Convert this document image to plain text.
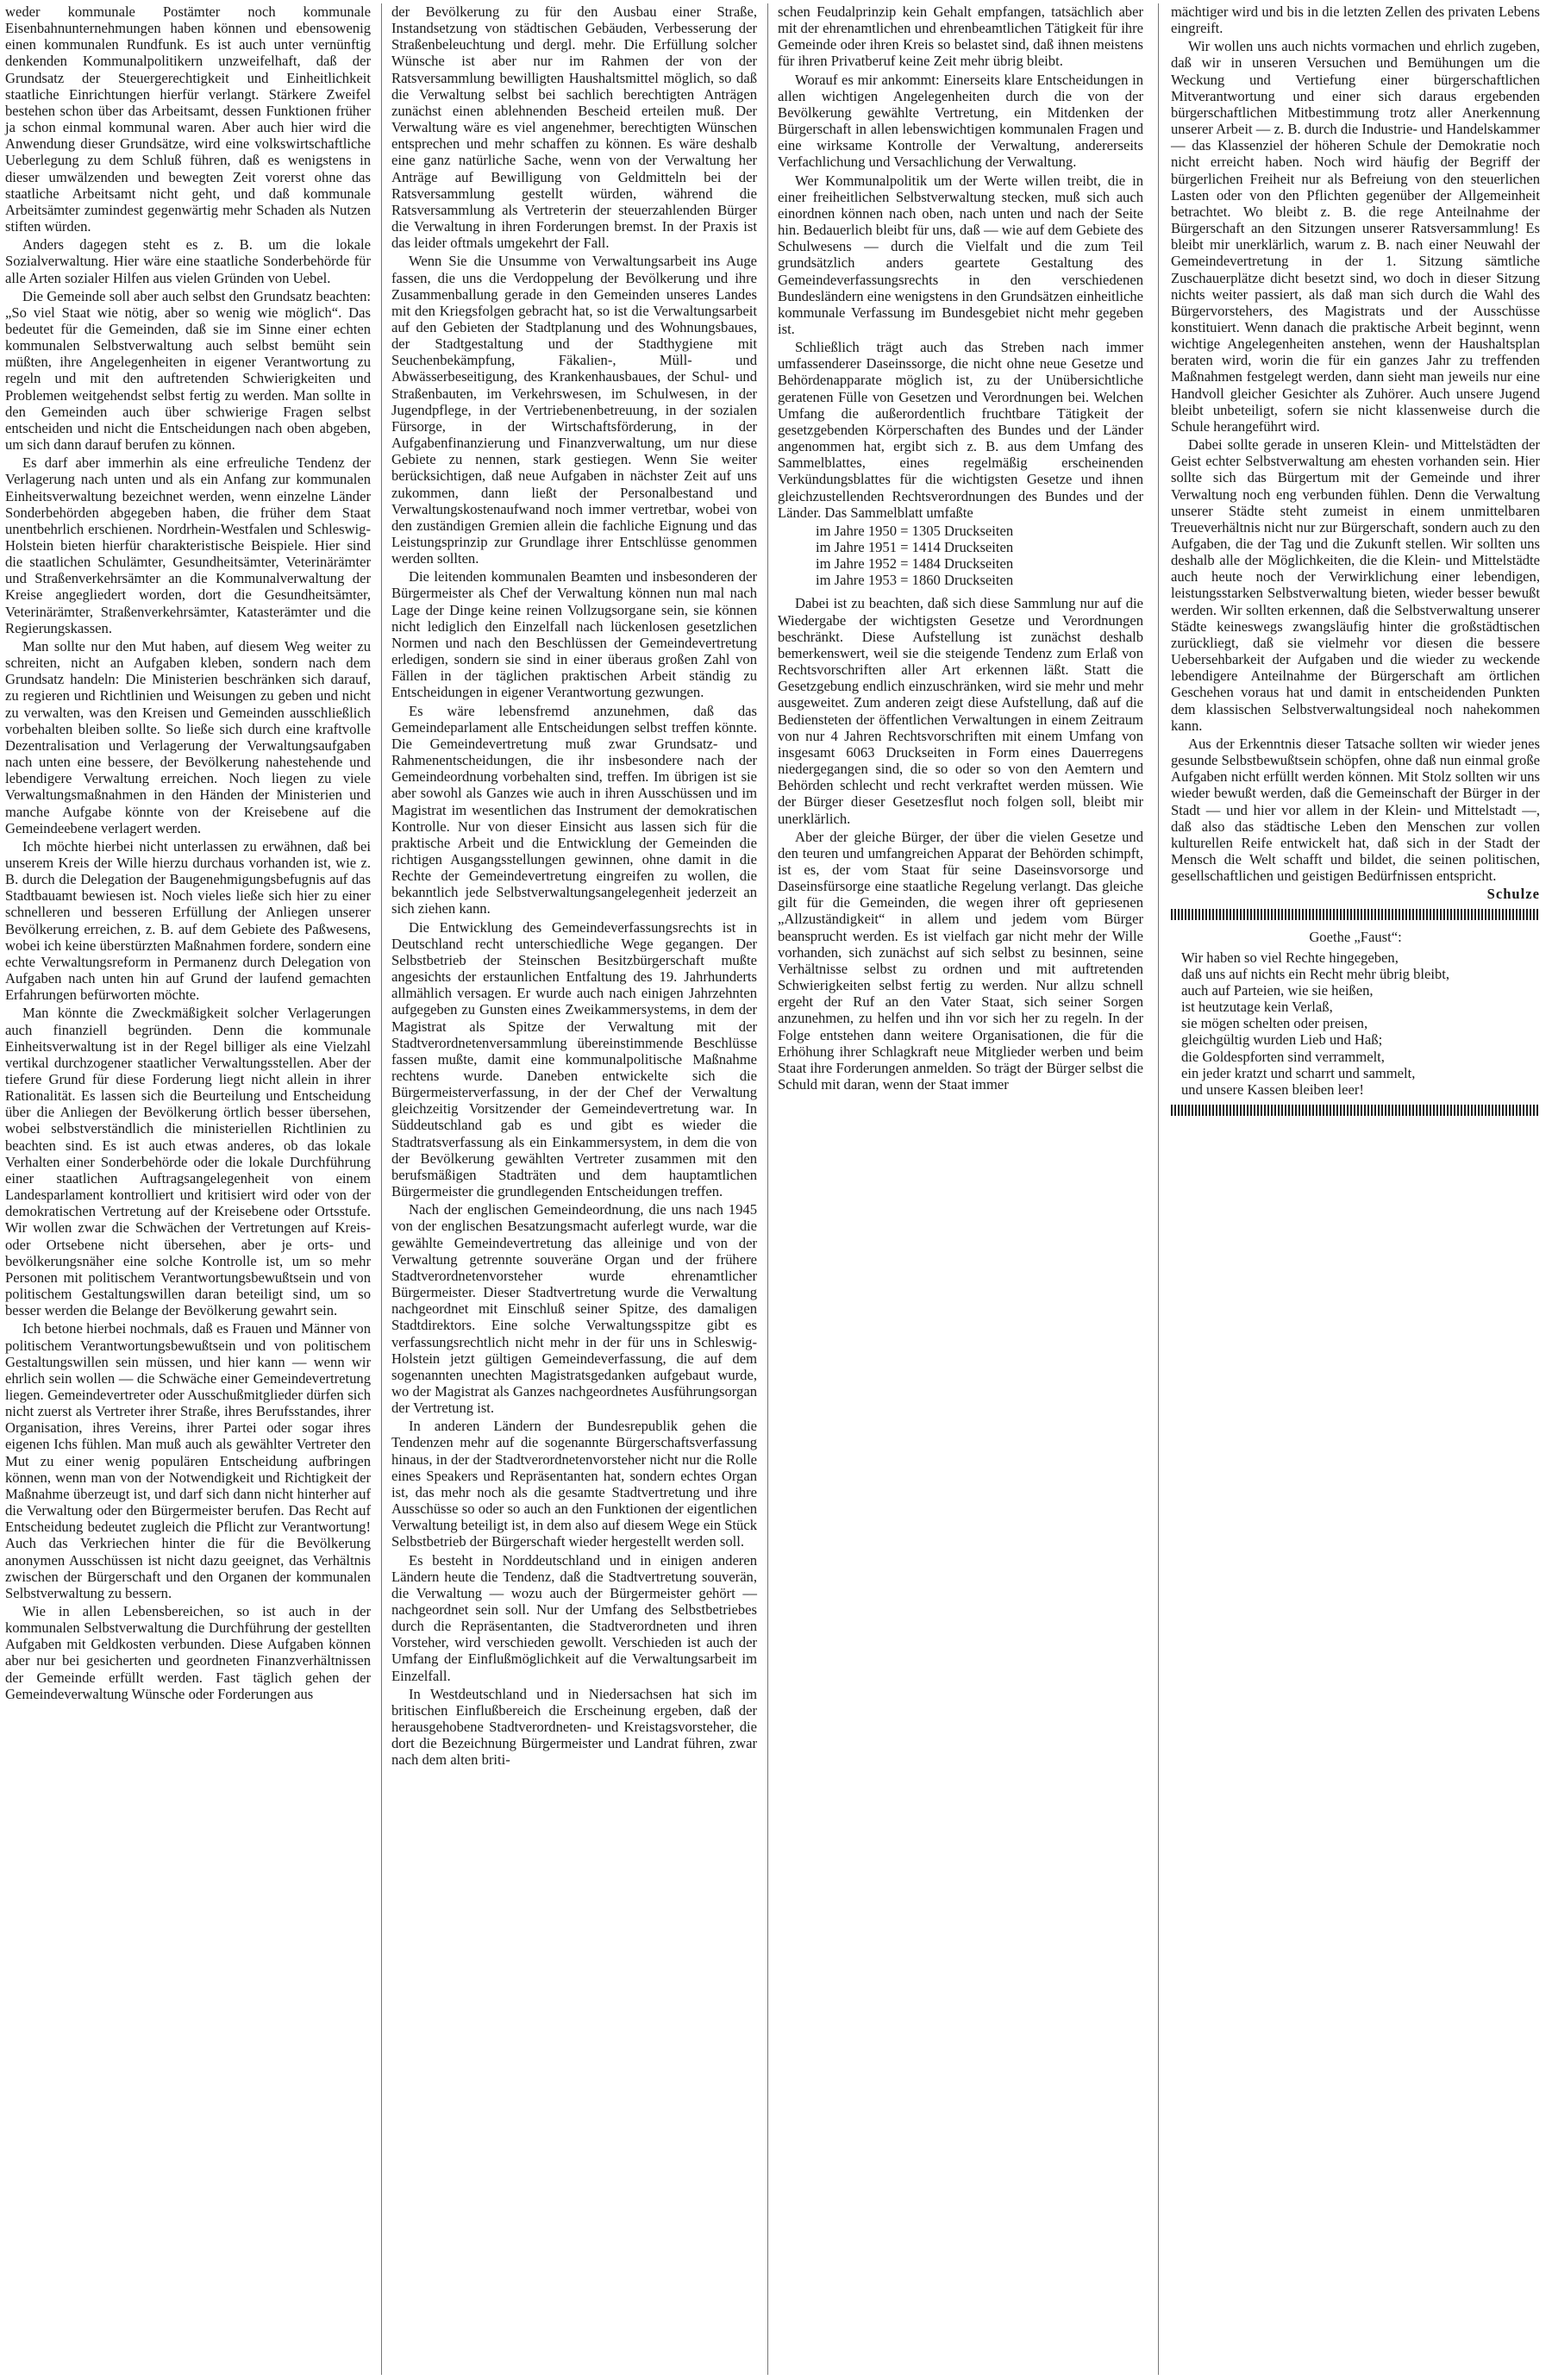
weder kommunale Postämter noch kommunale Eisenbahnunternehmungen haben können und ebensowenig einen kommunalen Rundfunk. Es ist auch unter vernünftig denkenden Kommunalpolitikern unzweifelhaft, daß der Grundsatz der Steuergerechtigkeit und Einheitlichkeit staatliche Einrichtungen hierfür verlangt. Stärkere Zweifel bestehen schon über das Arbeitsamt, dessen Funktionen früher ja schon einmal kommunal waren. Aber auch hier wird die Anwendung dieser Grundsätze, wird eine volkswirtschaftliche Ueberlegung zu dem Schluß führen, daß es wenigstens in dieser umwälzenden und bewegten Zeit vorerst ohne das staatliche Arbeitsamt nicht geht, und daß kommunale Arbeitsämter zumindest gegenwärtig mehr Schaden als Nutzen stiften würden.

Anders dagegen steht es z. B. um die lokale Sozialverwaltung. Hier wäre eine staatliche Sonderbehörde für alle Arten sozialer Hilfen aus vielen Gründen von Uebel.

Die Gemeinde soll aber auch selbst den Grundsatz beachten: „So viel Staat wie nötig, aber so wenig wie möglich“. Das bedeutet für die Gemeinden, daß sie im Sinne einer echten kommunalen Selbstverwaltung auch selbst bemüht sein müßten, ihre Angelegenheiten in eigener Verantwortung zu regeln und mit den auftretenden Schwierigkeiten und Problemen weitgehendst selbst fertig zu werden. Man sollte in den Gemeinden auch über schwierige Fragen selbst entscheiden und nicht die Entscheidungen nach oben abgeben, um sich dann darauf berufen zu können.

Es darf aber immerhin als eine erfreuliche Tendenz der Verlagerung nach unten und als ein Anfang zur kommunalen Einheitsverwaltung bezeichnet werden, wenn einzelne Länder Sonderbehörden abgegeben haben, die früher dem Staat unentbehrlich erschienen. Nordrhein-Westfalen und Schleswig-Holstein bieten hierfür charakteristische Beispiele. Hier sind die staatlichen Schulämter, Gesundheitsämter, Veterinärämter und Straßenverkehrsämter an die Kommunalverwaltung der Kreise angegliedert worden, dort die Gesundheitsämter, Veterinärämter, Straßenverkehrsämter, Katasterämter und die Regierungskassen.

Man sollte nur den Mut haben, auf diesem Weg weiter zu schreiten, nicht an Aufgaben kleben, sondern nach dem Grundsatz handeln: Die Ministerien beschränken sich darauf, zu regieren und Richtlinien und Weisungen zu geben und nicht zu verwalten, was den Kreisen und Gemeinden ausschließlich vorbehalten bleiben sollte. So ließe sich durch eine kraftvolle Dezentralisation und Verlagerung der Verwaltungsaufgaben nach unten eine bessere, der Bevölkerung nahestehende und lebendigere Verwaltung erreichen. Noch liegen zu viele Verwaltungsmaßnahmen in den Händen der Ministerien und manche Aufgabe könnte von der Kreisebene auf die Gemeindeebene verlagert werden.

Ich möchte hierbei nicht unterlassen zu erwähnen, daß bei unserem Kreis der Wille hierzu durchaus vorhanden ist, wie z. B. durch die Delegation der Baugenehmigungsbefugnis auf das Stadtbauamt bewiesen ist. Noch vieles ließe sich hier zu einer schnelleren und besseren Erfüllung der Anliegen unserer Bevölkerung erreichen, z. B. auf dem Gebiete des Paßwesens, wobei ich keine überstürzten Maßnahmen fordere, sondern eine echte Verwaltungsreform in Permanenz durch Delegation von Aufgaben nach unten hin auf Grund der laufend gemachten Erfahrungen befürworten möchte.

Man könnte die Zweckmäßigkeit solcher Verlagerungen auch finanziell begründen. Denn die kommunale Einheitsverwaltung ist in der Regel billiger als eine Vielzahl vertikal durchzogener staatlicher Verwaltungsstellen. Aber der tiefere Grund für diese Forderung liegt nicht allein in ihrer Rationalität. Es lassen sich die Beurteilung und Entscheidung über die Anliegen der Bevölkerung örtlich besser übersehen, wobei selbstverständlich die ministeriellen Richtlinien zu beachten sind. Es ist auch etwas anderes, ob das lokale Verhalten einer Sonderbehörde oder die lokale Durchführung einer staatlichen Auftragsangelegenheit von einem Landesparlament kontrolliert und kritisiert wird oder von der demokratischen Vertretung auf der Kreisebene oder Ortsstufe. Wir wollen zwar die Schwächen der Vertretungen auf Kreis- oder Ortsebene nicht übersehen, aber je orts- und bevölkerungsnäher eine solche Kontrolle ist, um so mehr Personen mit politischem Verantwortungsbewußtsein und von politischem Gestaltungswillen daran beteiligt sind, um so besser werden die Belange der Bevölkerung gewahrt sein.

Ich betone hierbei nochmals, daß es Frauen und Männer von politischem Verantwortungsbewußtsein und von politischem Gestaltungswillen sein müssen, und hier kann — wenn wir ehrlich sein wollen — die Schwäche einer Gemeindevertretung liegen. Gemeindevertreter oder Ausschußmitglieder dürfen sich nicht zuerst als Vertreter ihrer Straße, ihres Berufsstandes, ihrer Organisation, ihres Vereins, ihrer Partei oder sogar ihres eigenen Ichs fühlen. Man muß auch als gewählter Vertreter den Mut zu einer wenig populären Entscheidung aufbringen können, wenn man von der Notwendigkeit und Richtigkeit der Maßnahme überzeugt ist, und darf sich dann nicht hinterher auf die Verwaltung oder den Bürgermeister berufen. Das Recht auf Entscheidung bedeutet zugleich die Pflicht zur Verantwortung! Auch das Verkriechen hinter die für die Bevölkerung anonymen Ausschüssen ist nicht dazu geeignet, das Verhältnis zwischen der Bürgerschaft und den Organen der kommunalen Selbstverwaltung zu bessern.

Wie in allen Lebensbereichen, so ist auch in der kommunalen Selbstverwaltung die Durchführung der gestellten Aufgaben mit Geldkosten verbunden. Diese Aufgaben können aber nur bei gesicherten und geordneten Finanzverhältnissen der Gemeinde erfüllt werden. Fast täglich gehen der Gemeindeverwaltung Wünsche oder Forderungen aus

der Bevölkerung zu für den Ausbau einer Straße, Instandsetzung von städtischen Gebäuden, Verbesserung der Straßenbeleuchtung und dergl. mehr. Die Erfüllung solcher Wünsche ist aber nur im Rahmen der von der Ratsversammlung bewilligten Haushaltsmittel möglich, so daß die Verwaltung selbst bei sachlich berechtigten Anträgen zunächst einen ablehnenden Bescheid erteilen muß. Der Verwaltung wäre es viel angenehmer, berechtigten Wünschen entsprechen und mehr schaffen zu können. Es wäre deshalb eine ganz natürliche Sache, wenn von der Verwaltung her Anträge auf Bewilligung von Geldmitteln bei der Ratsversammlung gestellt würden, während die Ratsversammlung als Vertreterin der steuerzahlenden Bürger die Verwaltung in ihren Forderungen bremst. In der Praxis ist das leider oftmals umgekehrt der Fall.

Wenn Sie die Unsumme von Verwaltungsarbeit ins Auge fassen, die uns die Verdoppelung der Bevölkerung und ihre Zusammenballung gerade in den Gemeinden unseres Landes mit den Kriegsfolgen gebracht hat, so ist die Verwaltungsarbeit auf den Gebieten der Stadtplanung und des Wohnungsbaues, der Stadtgestaltung und der Stadthygiene mit Seuchenbekämpfung, Fäkalien-, Müll- und Abwässerbeseitigung, des Krankenhausbaues, der Schul- und Straßenbauten, im Verkehrswesen, im Schulwesen, in der Jugendpflege, in der Vertriebenenbetreuung, in der sozialen Fürsorge, in der Wirtschaftsförderung, in der Aufgabenfinanzierung und Finanzverwaltung, um nur diese Gebiete zu nennen, stark gestiegen. Wenn Sie weiter berücksichtigen, daß neue Aufgaben in nächster Zeit auf uns zukommen, dann ließt der Personalbestand und Verwaltungskostenaufwand noch immer vertretbar, wobei von den zuständigen Gremien allein die fachliche Eignung und das Leistungsprinzip zur Grundlage ihrer Entschlüsse genommen werden sollten.

Die leitenden kommunalen Beamten und insbesonderen der Bürgermeister als Chef der Verwaltung können nun mal nach Lage der Dinge keine reinen Vollzugsorgane sein, sie können nicht lediglich den Einzelfall nach lückenlosen gesetzlichen Normen und nach den Beschlüssen der Gemeindevertretung erledigen, sondern sie sind in einer überaus großen Zahl von Fällen in der täglichen praktischen Arbeit ständig zu Entscheidungen in eigener Verantwortung gezwungen.

Es wäre lebensfremd anzunehmen, daß das Gemeindeparlament alle Entscheidungen selbst treffen könnte. Die Gemeindevertretung muß zwar Grundsatz- und Rahmenentscheidungen, die ihr insbesondere nach der Gemeindeordnung vorbehalten sind, treffen. Im übrigen ist sie aber sowohl als Ganzes wie auch in ihren Ausschüssen und im Magistrat im wesentlichen das Instrument der demokratischen Kontrolle. Nur von dieser Einsicht aus lassen sich für die praktische Arbeit und die Entwicklung der Gemeinden die richtigen Ausgangsstellungen gewinnen, ohne damit in die Rechte der Gemeindevertretung eingreifen zu wollen, die bekanntlich jede Selbstverwaltungsangelegenheit jederzeit an sich ziehen kann.

Die Entwicklung des Gemeindeverfassungsrechts ist in Deutschland recht unterschiedliche Wege gegangen. Der Selbstbetrieb der Steinschen Besitzbürgerschaft mußte angesichts der erstaunlichen Entfaltung des 19. Jahrhunderts allmählich versagen. Er wurde auch nach einigen Jahrzehnten aufgegeben zu Gunsten eines Zweikammersystems, in dem der Magistrat als Spitze der Verwaltung mit der Stadtverordnetenversammlung übereinstimmende Beschlüsse fassen mußte, damit eine kommunalpolitische Maßnahme rechtens wurde. Daneben entwickelte sich die Bürgermeisterverfassung, in der der Chef der Verwaltung gleichzeitig Vorsitzender der Gemeindevertretung war. In Süddeutschland gab es und gibt es wieder die Stadtratsverfassung als ein Einkammersystem, in dem die von der Bevölkerung gewählten Vertreter zusammen mit den berufsmäßigen Stadträten und dem hauptamtlichen Bürgermeister die grundlegenden Entscheidungen treffen.

Nach der englischen Gemeindeordnung, die uns nach 1945 von der englischen Besatzungsmacht auferlegt wurde, war die gewählte Gemeindevertretung das alleinige und von der Verwaltung getrennte souveräne Organ und der frühere Stadtverordnetenvorsteher wurde ehrenamtlicher Bürgermeister. Dieser Stadtvertretung wurde die Verwaltung nachgeordnet mit Einschluß seiner Spitze, des damaligen Stadtdirektors. Eine solche Verwaltungsspitze gibt es verfassungsrechtlich nicht mehr in der für uns in Schleswig-Holstein jetzt gültigen Gemeindeverfassung, die auf dem sogenannten unechten Magistratsgedanken aufgebaut wurde, wo der Magistrat als Ganzes nachgeordnetes Ausführungsorgan der Vertretung ist.

In anderen Ländern der Bundesrepublik gehen die Tendenzen mehr auf die sogenannte Bürgerschaftsverfassung hinaus, in der der Stadtverordnetenvorsteher nicht nur die Rolle eines Speakers und Repräsentanten hat, sondern echtes Organ ist, das mehr noch als die gesamte Stadtvertretung und ihre Ausschüsse so oder so auch an den Funktionen der eigentlichen Verwaltung beteiligt ist, in dem also auf diesem Wege ein Stück Selbstbetrieb der Bürgerschaft wieder hergestellt werden soll.

Es besteht in Norddeutschland und in einigen anderen Ländern heute die Tendenz, daß die Stadtvertretung souverän, die Verwaltung — wozu auch der Bürgermeister gehört — nachgeordnet sein soll. Nur der Umfang des Selbstbetriebes durch die Repräsentanten, die Stadtverordneten und ihren Vorsteher, wird verschieden gewollt. Verschieden ist auch der Umfang der Einflußmöglichkeit auf die Verwaltungsarbeit im Einzelfall.

In Westdeutschland und in Niedersachsen hat sich im britischen Einflußbereich die Erscheinung ergeben, daß der herausgehobene Stadtverordneten- und Kreistagsvorsteher, die dort die Bezeichnung Bürgermeister und Landrat führen, zwar nach dem alten briti-

schen Feudalprinzip kein Gehalt empfangen, tatsächlich aber mit der ehrenamtlichen und ehrenbeamtlichen Tätigkeit für ihre Gemeinde oder ihren Kreis so belastet sind, daß ihnen meistens für ihren Privatberuf keine Zeit mehr übrig bleibt.

Worauf es mir ankommt: Einerseits klare Entscheidungen in allen wichtigen Angelegenheiten durch die von der Bevölkerung gewählte Vertretung, ein Mitdenken der Bürgerschaft in allen lebenswichtigen kommunalen Fragen und eine wirksame Kontrolle der Verwaltung, andererseits Verfachlichung und Versachlichung der Verwaltung.

Wer Kommunalpolitik um der Werte willen treibt, die in einer freiheitlichen Selbstverwaltung stecken, muß sich auch einordnen können nach oben, nach unten und nach der Seite hin. Bedauerlich bleibt für uns, daß — wie auf dem Gebiete des Schulwesens — durch die Vielfalt und die zum Teil grundsätzlich anders geartete Gestaltung des Gemeindeverfassungsrechts in den verschiedenen Bundesländern eine wenigstens in den Grundsätzen einheitliche kommunale Verfassung im Bundesgebiet nicht mehr gegeben ist.

Schließlich trägt auch das Streben nach immer umfassenderer Daseinssorge, die nicht ohne neue Gesetze und Behördenapparate möglich ist, zu der Unübersichtliche geratenen Fülle von Gesetzen und Verordnungen bei. Welchen Umfang die außerordentlich fruchtbare Tätigkeit der gesetzgebenden Körperschaften des Bundes und der Länder angenommen hat, ergibt sich z. B. aus dem Umfang des Sammelblattes, eines regelmäßig erscheinenden Verkündungsblattes für die wichtigsten Gesetze und ihnen gleichzustellenden Rechtsverordnungen des Bundes und der Länder. Das Sammelblatt umfaßte

im Jahre 1950 = 1305 Druckseiten
im Jahre 1951 = 1414 Druckseiten
im Jahre 1952 = 1484 Druckseiten
im Jahre 1953 = 1860 Druckseiten

Dabei ist zu beachten, daß sich diese Sammlung nur auf die Wiedergabe der wichtigsten Gesetze und Verordnungen beschränkt. Diese Aufstellung ist zunächst deshalb bemerkenswert, weil sie die steigende Tendenz zum Erlaß von Rechtsvorschriften aller Art erkennen läßt. Statt die Gesetzgebung endlich einzuschränken, wird sie mehr und mehr ausgeweitet. Zum anderen zeigt diese Aufstellung, daß auf die Bediensteten der öffentlichen Verwaltungen in einem Zeitraum von nur 4 Jahren Rechtsvorschriften mit einem Umfang von insgesamt 6063 Druckseiten in Form eines Dauerregens niedergegangen sind, die so oder so von den Aemtern und Behörden schlecht und recht verkraftet werden müssen. Wie der Bürger dieser Gesetzesflut noch folgen soll, bleibt mir unerklärlich.

Aber der gleiche Bürger, der über die vielen Gesetze und den teuren und umfangreichen Apparat der Behörden schimpft, ist es, der vom Staat für seine Daseinsvorsorge und Daseinsfürsorge eine staatliche Regelung verlangt. Das gleiche gilt für die Gemeinden, die wegen ihrer oft gepriesenen „Allzuständigkeit“ in allem und jedem vom Bürger beansprucht werden. Es ist vielfach gar nicht mehr der Wille vorhanden, sich zunächst auf sich selbst zu besinnen, seine Verhältnisse selbst zu ordnen und mit auftretenden Schwierigkeiten selbst fertig zu werden. Nur allzu schnell ergeht der Ruf an den Vater Staat, sich seiner Sorgen anzunehmen, zu helfen und ihn vor sich her zu regeln. In der Folge entstehen dann weitere Organisationen, die für die Erhöhung ihrer Schlagkraft neue Mitglieder werben und beim Staat ihre Forderungen anmelden. So trägt der Bürger selbst die Schuld mit daran, wenn der Staat immer

mächtiger wird und bis in die letzten Zellen des privaten Lebens eingreift.

Wir wollen uns auch nichts vormachen und ehrlich zugeben, daß wir in unseren Versuchen und Bemühungen um die Weckung und Vertiefung einer bürgerschaftlichen Mitverantwortung und einer sich daraus ergebenden bürgerschaftlichen Mitbestimmung trotz aller Anerkennung unserer Arbeit — z. B. durch die Industrie- und Handelskammer — das Klassenziel der höheren Schule der Demokratie noch nicht erreicht haben. Noch wird häufig der Begriff der bürgerlichen Freiheit nur als Befreiung von den steuerlichen Lasten oder von den Pflichten gegenüber der Allgemeinheit betrachtet. Wo bleibt z. B. die rege Anteilnahme der Bürgerschaft an den Sitzungen unserer Ratsversammlung! Es bleibt mir unerklärlich, warum z. B. nach einer Neuwahl der Gemeindevertretung in der 1. Sitzung sämtliche Zuschauerplätze dicht besetzt sind, wo doch in dieser Sitzung nichts weiter passiert, als daß man sich durch die Wahl des Bürgervorstehers, des Magistrats und der Ausschüsse konstituiert. Wenn danach die praktische Arbeit beginnt, wenn wichtige Angelegenheiten anstehen, wenn der Haushaltsplan beraten wird, worin die für ein ganzes Jahr zu treffenden Maßnahmen festgelegt werden, dann sieht man jeweils nur eine Handvoll gleicher Gesichter als Zuhörer. Auch unsere Jugend bleibt unbeteiligt, sofern sie nicht klassenweise durch die Schule herangeführt wird.

Dabei sollte gerade in unseren Klein- und Mittelstädten der Geist echter Selbstverwaltung am ehesten vorhanden sein. Hier sollte sich das Bürgertum mit der Gemeinde und ihrer Verwaltung noch eng verbunden fühlen. Denn die Verwaltung unserer Städte steht zumeist in einem unmittelbaren Treueverhältnis nicht nur zur Bürgerschaft, sondern auch zu den Aufgaben, die der Tag und die Zukunft stellen. Wir sollten uns deshalb alle der Möglichkeiten, die die Klein- und Mittelstädte auch heute noch der Verwirklichung einer lebendigen, leistungsstarken Selbstverwaltung bieten, wieder besser bewußt werden. Wir sollten erkennen, daß die Selbstverwaltung unserer Städte keineswegs zwangsläufig hinter die großstädtischen zurückliegt, daß sie vielmehr vor diesen die bessere Uebersehbarkeit der Aufgaben und die wieder zu weckende lebendigere Anteilnahme der Bürgerschaft am örtlichen Geschehen voraus hat und damit in entscheidenden Punkten dem klassischen Selbstverwaltungsideal noch nahekommen kann.

Aus der Erkenntnis dieser Tatsache sollten wir wieder jenes gesunde Selbstbewußtsein schöpfen, ohne daß nun einmal große Aufgaben nicht erfüllt werden können. Mit Stolz sollten wir uns wieder bewußt werden, daß die Gemeinschaft der Bürger in der Stadt — und hier vor allem in der Klein- und Mittelstadt —, daß also das städtische Leben den Menschen zur vollen kulturellen Reife entwickelt hat, daß sich in der Stadt der Mensch die Welt schafft und bildet, die seinen politischen, gesellschaftlichen und geistigen Bedürfnissen entspricht.

Schulze

Goethe „Faust“:

Wir haben so viel Rechte hingegeben,
daß uns auf nichts ein Recht mehr übrig bleibt,
auch auf Parteien, wie sie heißen,
ist heutzutage kein Verlaß,
sie mögen schelten oder preisen,
gleichgültig wurden Lieb und Haß;
die Goldespforten sind verrammelt,
ein jeder kratzt und scharrt und sammelt,
und unsere Kassen bleiben leer!
